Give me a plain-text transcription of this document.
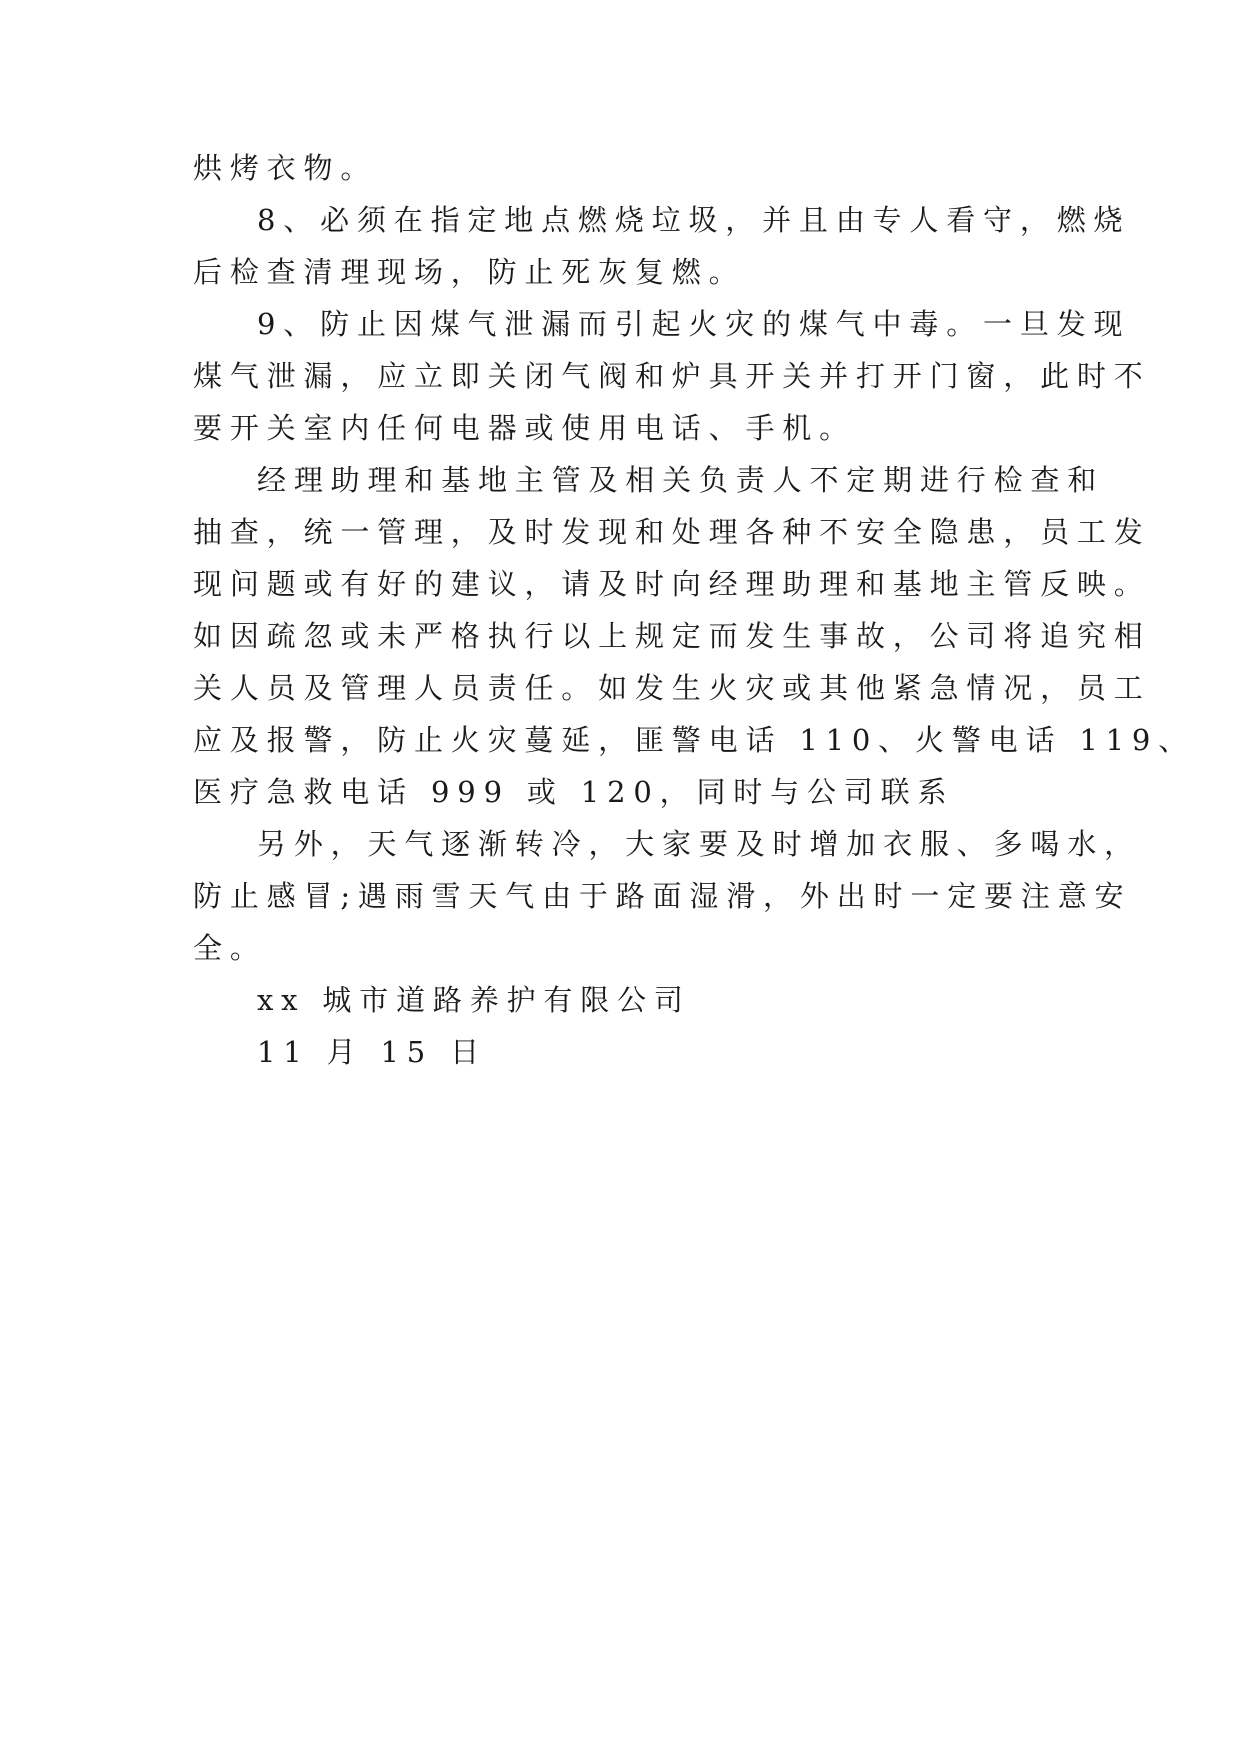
烘烤衣物。
8、必须在指定地点燃烧垃圾，并且由专人看守，燃烧
后检查清理现场，防止死灰复燃。
9、防止因煤气泄漏而引起火灾的煤气中毒。一旦发现
煤气泄漏，应立即关闭气阀和炉具开关并打开门窗，此时不
要开关室内任何电器或使用电话、手机。
经理助理和基地主管及相关负责人不定期进行检查和
抽查，统一管理，及时发现和处理各种不安全隐患，员工发
现问题或有好的建议，请及时向经理助理和基地主管反映。
如因疏忽或未严格执行以上规定而发生事故，公司将追究相
关人员及管理人员责任。如发生火灾或其他紧急情况，员工
应及报警，防止火灾蔓延，匪警电话 110、火警电话 119、
医疗急救电话 999 或 120，同时与公司联系
另外，天气逐渐转冷，大家要及时增加衣服、多喝水，
防止感冒;遇雨雪天气由于路面湿滑，外出时一定要注意安
全。
xx 城市道路养护有限公司
11 月 15 日
